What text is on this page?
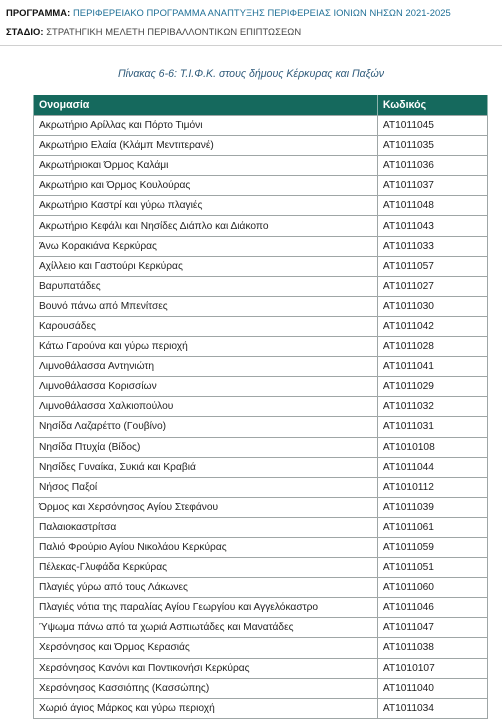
ΠΡΟΓΡΑΜΜΑ: ΠΕΡΙΦΕΡΕΙΑΚΟ ΠΡΟΓΡΑΜΜΑ ΑΝΑΠΤΥΞΗΣ ΠΕΡΙΦΕΡΕΙΑΣ ΙΟΝΙΩΝ ΝΗΣΩΝ 2021-2025
ΣΤΑΔΙΟ: ΣΤΡΑΤΗΓΙΚΗ ΜΕΛΕΤΗ ΠΕΡΙΒΑΛΛΟΝΤΙΚΩΝ ΕΠΙΠΤΩΣΕΩΝ
Πίνακας 6-6: Τ.Ι.Φ.Κ. στους δήμους Κέρκυρας και Παξών
Ονομασία	Κωδικός
Ακρωτήριο Αρίλλας και Πόρτο Τιμόνι	AT1011045
Ακρωτήριο Ελαία (Κλάμπ Μεντιτερανέ)	AT1011035
Ακρωτήριοκαι Όρμος Καλάμι	AT1011036
Ακρωτήριο και Όρμος Κουλούρας	AT1011037
Ακρωτήριο Καστρί και γύρω πλαγιές	AT1011048
Ακρωτήριο Κεφάλι και Νησίδες Διάπλο και Διάκοπο	AT1011043
Άνω Κορακιάνα Κερκύρας	AT1011033
Αχίλλειο και Γαστούρι Κερκύρας	AT1011057
Βαρυπατάδες	AT1011027
Βουνό πάνω από Μπενίτσες	AT1011030
Καρουσάδες	AT1011042
Κάτω Γαρούνα και γύρω περιοχή	AT1011028
Λιμνοθάλασσα Αντηνιώτη	AT1011041
Λιμνοθάλασσα Κορισσίων	AT1011029
Λιμνοθάλασσα Χαλκιοπούλου	AT1011032
Νησίδα Λαζαρέττο (Γουβίνο)	AT1011031
Νησίδα Πτυχία (Βίδος)	AT1010108
Νησίδες Γυναίκα, Συκιά και Κραβιά	AT1011044
Νήσος Παξοί	AT1010112
Όρμος και Χερσόνησος Αγίου Στεφάνου	AT1011039
Παλαιοκαστρίτσα	AT1011061
Παλιό Φρούριο Αγίου Νικολάου Κερκύρας	AT1011059
Πέλεκας-Γλυφάδα Κερκύρας	AT1011051
Πλαγιές γύρω από τους Λάκωνες	AT1011060
Πλαγιές νότια της παραλίας Αγίου Γεωργίου και Αγγελόκαστρο	AT1011046
Ύψωμα πάνω από τα χωριά Ασπιωτάδες και Μανατάδες	AT1011047
Χερσόνησος και Όρμος Κερασιάς	AT1011038
Χερσόνησος Κανόνι και Ποντικονήσι Κερκύρας	AT1010107
Χερσόνησος Κασσιόπης (Κασσώπης)	AT1011040
Χωριό άγιος Μάρκος και γύρω περιοχή	AT1011034
